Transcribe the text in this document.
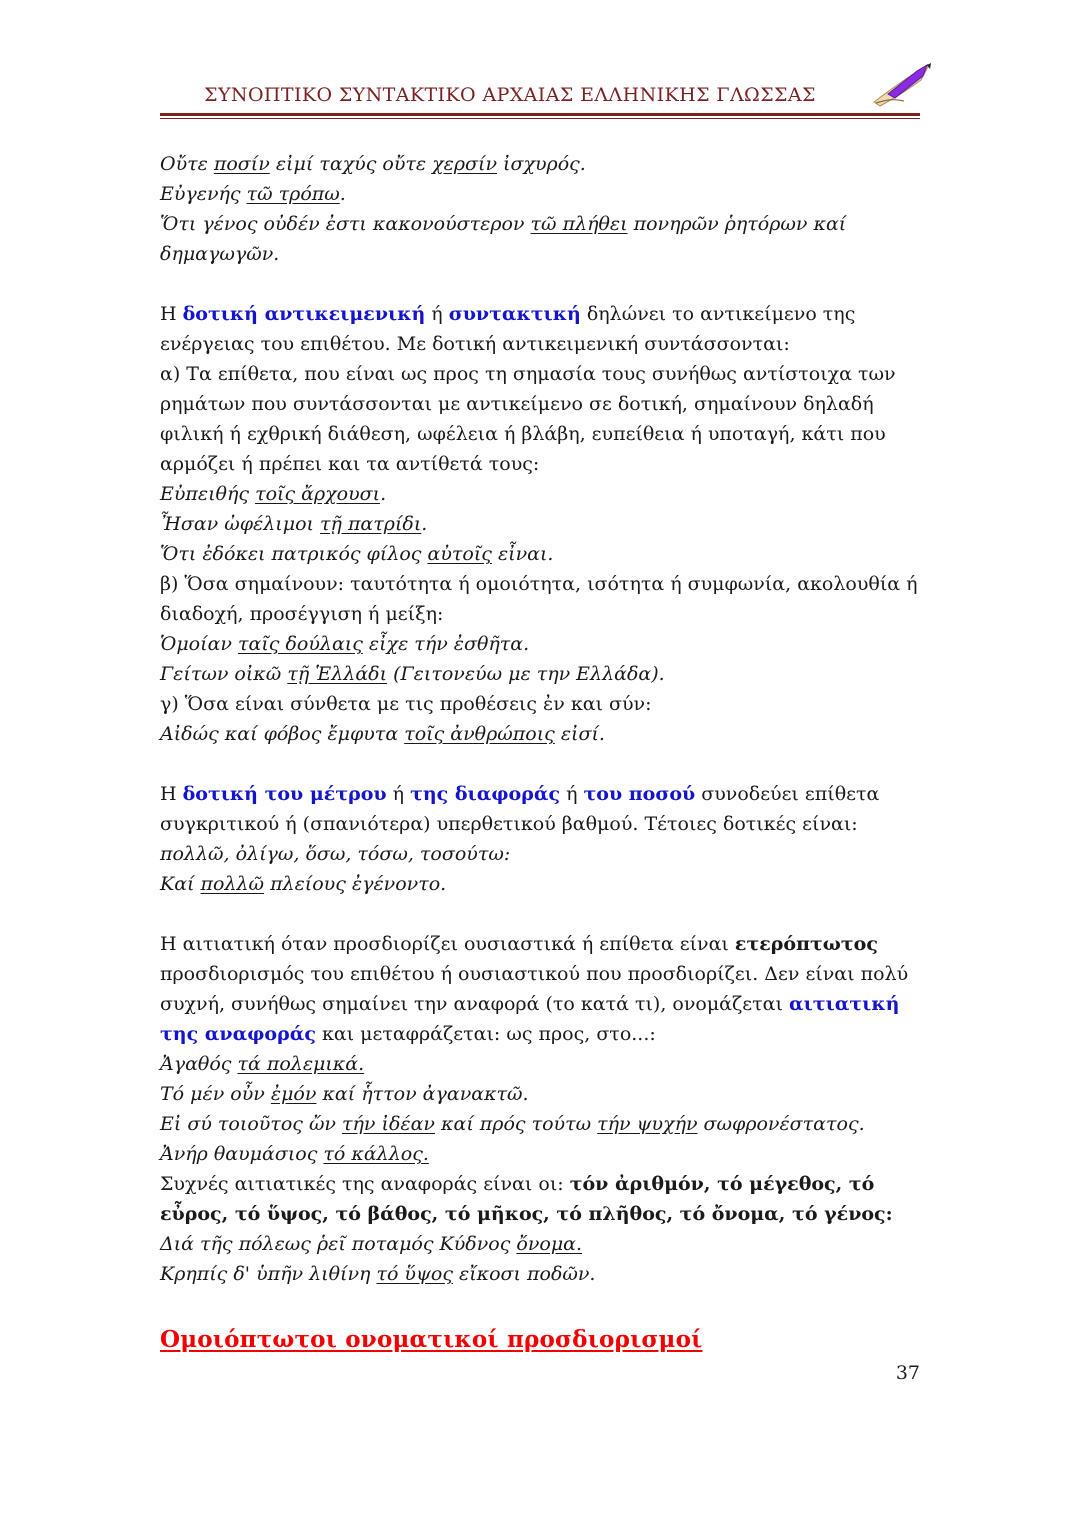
ΣΥΝΟΠΤΙΚΟ ΣΥΝΤΑΚΤΙΚΟ ΑΡΧΑΙΑΣ ΕΛΛΗΝΙΚΗΣ ΓΛΩΣΣΑΣ

Οὔτε ποσίν εἰμί ταχύς οὔτε χερσίν ἰσχυρός.

Εὐγενής τῶ τρόπω.

Ὅτι γένος οὐδέν ἐστι κακονούστερον τῶ πλήθει πονηρῶν ῥητόρων καί δημαγωγῶν.

Η δοτική αντικειμενική ή συντακτική δηλώνει το αντικείμενο της ενέργειας του επιθέτου. Με δοτική αντικειμενική συντάσσονται:

α) Τα επίθετα, που είναι ως προς τη σημασία τους συνήθως αντίστοιχα των ρημάτων που συντάσσονται με αντικείμενο σε δοτική, σημαίνουν δηλαδή φιλική ή εχθρική διάθεση, ωφέλεια ή βλάβη, ευπείθεια ή υποταγή, κάτι που αρμόζει ή πρέπει και τα αντίθετά τους:

Εὐπειθής τοῖς ἄρχουσι.

Ἦσαν ὠφέλιμοι τῇ πατρίδι.

Ὅτι ἐδόκει πατρικός φίλος αὐτοῖς εἶναι.

β) Ὅσα σημαίνουν: ταυτότητα ή ομοιότητα, ισότητα ή συμφωνία, ακολουθία ή διαδοχή, προσέγγιση ή μείξη:

Ὁμοίαν ταῖς δούλαις εἶχε τήν ἐσθῆτα.

Γείτων οἰκῶ τῇ Ἑλλάδι (Γειτονεύω με την Ελλάδα).

γ) Ὅσα είναι σύνθετα με τις προθέσεις ἐν και σύν:

Αἰδώς καί φόβος ἔμφυτα τοῖς ἀνθρώποις εἰσί.

Η δοτική του μέτρου ή της διαφοράς ή του ποσού συνοδεύει επίθετα συγκριτικού ή (σπανιότερα) υπερθετικού βαθμού. Τέτοιες δοτικές είναι: πολλῶ, ὀλίγω, ὅσω, τόσω, τοσούτω:

Καί πολλῶ πλείους ἐγένοντο.

Η αιτιατική όταν προσδιορίζει ουσιαστικά ή επίθετα είναι ετερόπτωτος προσδιορισμός του επιθέτου ή ουσιαστικού που προσδιορίζει. Δεν είναι πολύ συχνή, συνήθως σημαίνει την αναφορά (το κατά τι), ονομάζεται αιτιατική της αναφοράς και μεταφράζεται: ως προς, στο...:

Ἀγαθός τά πολεμικά.

Τό μέν οὖν ἐμόν καί ἧττον ἀγανακτῶ.

Εἰ σύ τοιοῦτος ὤν τήν ἰδέαν καί πρός τούτω τήν ψυχήν σωφρονέστατος.

Ἀνήρ θαυμάσιος τό κάλλος.

Συχνές αιτιατικές της αναφοράς είναι οι: τόν ἀριθμόν, τό μέγεθος, τό εὖρος, τό ὕψος, τό βάθος, τό μῆκος, τό πλῆθος, τό ὄνομα, τό γένος:

Διά τῆς πόλεως ῥεῖ ποταμός Κύδνος ὄνομα.

Κρηπίς δ' ὑπῆν λιθίνη τό ὕψος εἴκοσι ποδῶν.

Ομοιόπτωτοι ονοματικοί προσδιορισμοί

37
